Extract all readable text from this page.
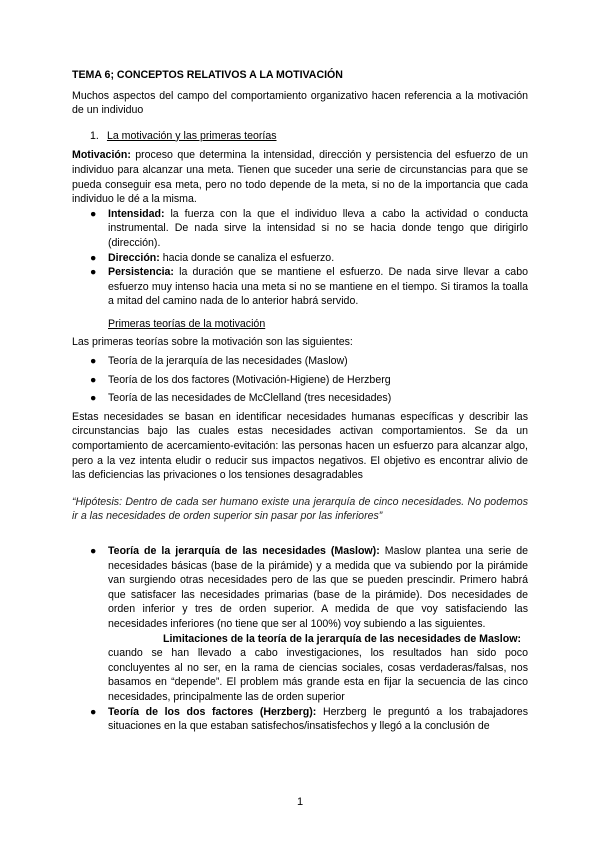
TEMA 6; CONCEPTOS RELATIVOS A LA MOTIVACIÓN

Muchos aspectos del campo del comportamiento organizativo hacen referencia a la motivación de un individuo

1. La motivación y las primeras teorías

Motivación: proceso que determina la intensidad, dirección y persistencia del esfuerzo de un individuo para alcanzar una meta. Tienen que suceder una serie de circunstancias para que se pueda conseguir esa meta, pero no todo depende de la meta, si no de la importancia que cada individuo le dé a la misma.

● Intensidad: la fuerza con la que el individuo lleva a cabo la actividad o conducta instrumental. De nada sirve la intensidad si no se hacia donde tengo que dirigirlo (dirección).
● Dirección: hacia donde se canaliza el esfuerzo.
● Persistencia: la duración que se mantiene el esfuerzo. De nada sirve llevar a cabo esfuerzo muy intenso hacia una meta si no se mantiene en el tiempo. Si tiramos la toalla a mitad del camino nada de lo anterior habrá servido.

Primeras teorías de la motivación

Las primeras teorías sobre la motivación son las siguientes:

● Teoría de la jerarquía de las necesidades (Maslow)
● Teoría de los dos factores (Motivación-Higiene) de Herzberg
● Teoría de las necesidades de McClelland (tres necesidades)

Estas necesidades se basan en identificar necesidades humanas específicas y describir las circunstancias bajo las cuales estas necesidades activan comportamientos. Se da un comportamiento de acercamiento-evitación: las personas hacen un esfuerzo para alcanzar algo, pero a la vez intenta eludir o reducir sus impactos negativos. El objetivo es encontrar alivio de las deficiencias las privaciones o los tensiones desagradables

“Hipótesis: Dentro de cada ser humano existe una jerarquía de cinco necesidades. No podemos ir a las necesidades de orden superior sin pasar por las inferiores”

● Teoría de la jerarquía de las necesidades (Maslow): Maslow plantea una serie de necesidades básicas (base de la pirámide) y a medida que va subiendo por la pirámide van surgiendo otras necesidades pero de las que se pueden prescindir. Primero habrá que satisfacer las necesidades primarias (base de la pirámide). Dos necesidades de orden inferior y tres de orden superior. A medida de que voy satisfaciendo las necesidades inferiores (no tiene que ser al 100%) voy subiendo a las siguientes.
Limitaciones de la teoría de la jerarquía de las necesidades de Maslow:
cuando se han llevado a cabo investigaciones, los resultados han sido poco concluyentes al no ser, en la rama de ciencias sociales, cosas verdaderas/falsas, nos basamos en “depende”. El problem más grande esta en fijar la secuencia de las cinco necesidades, principalmente las de orden superior
● Teoría de los dos factores (Herzberg): Herzberg le preguntó a los trabajadores situaciones en la que estaban satisfechos/insatisfechos y llegó a la conclusión de
1
